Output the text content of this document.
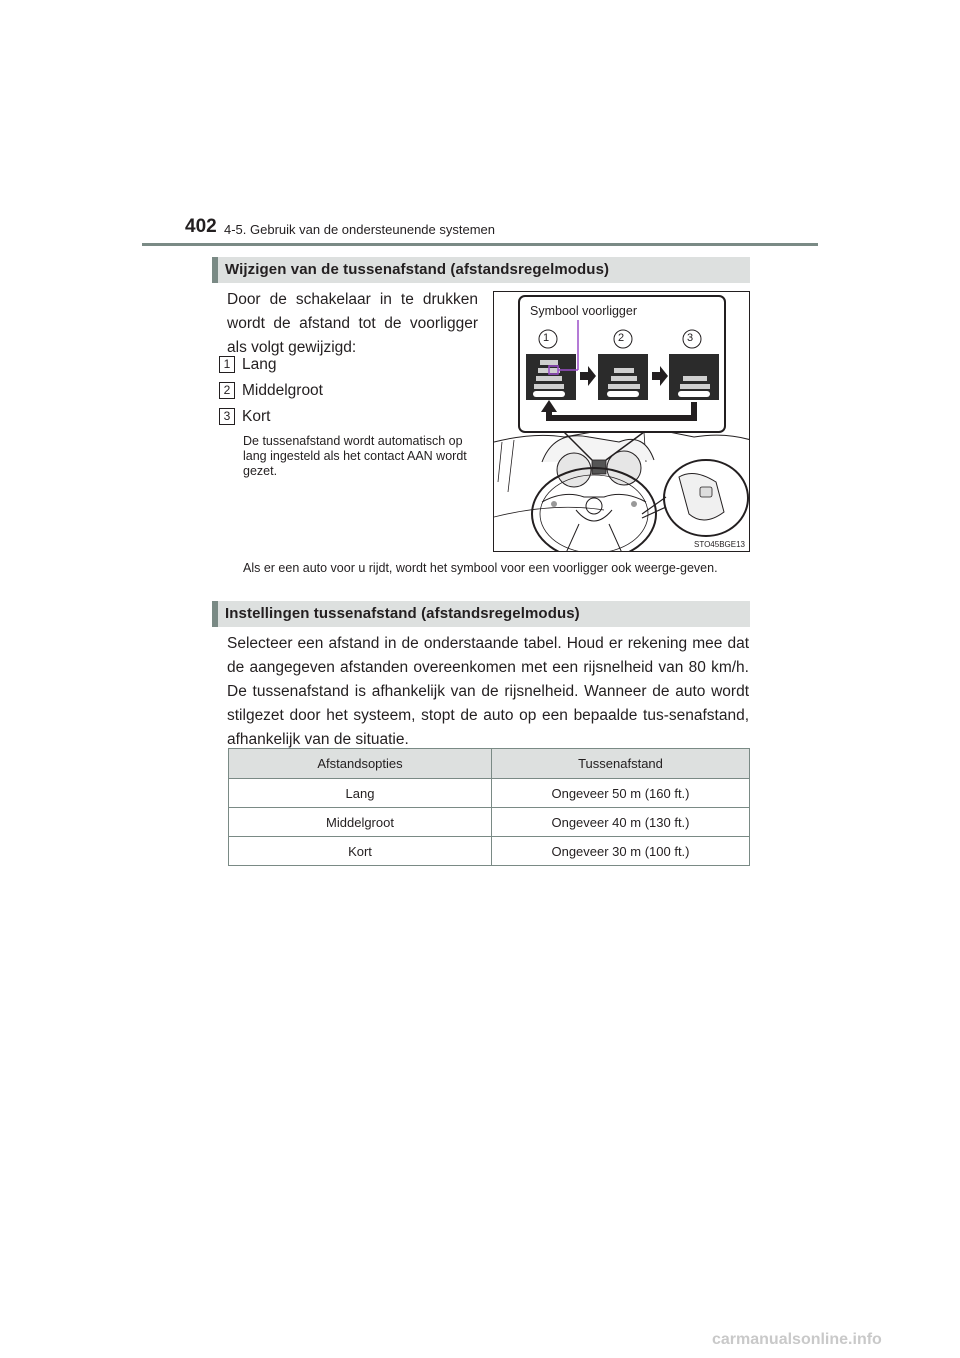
402 4-5. Gebruik van de ondersteunende systemen
Wijzigen van de tussenafstand (afstandsregelmodus)
Door de schakelaar in te drukken wordt de afstand tot de voorligger als volgt gewijzigd:
1 Lang
2 Middelgroot
3 Kort
De tussenafstand wordt automatisch op lang ingesteld als het contact AAN wordt gezet.
Symbool voorligger
1	2	3
STO45BGE13
Als er een auto voor u rijdt, wordt het symbool voor een voorligger ook weerge-geven.
Instellingen tussenafstand (afstandsregelmodus)
Selecteer een afstand in de onderstaande tabel. Houd er rekening mee dat de aangegeven afstanden overeenkomen met een rijsnelheid van 80 km/h. De tussenafstand is afhankelijk van de rijsnelheid. Wanneer de auto wordt stilgezet door het systeem, stopt de auto op een bepaalde tus-senafstand, afhankelijk van de situatie.
Afstandsopties	Tussenafstand
Lang	Ongeveer 50 m (160 ft.)
Middelgroot	Ongeveer 40 m (130 ft.)
Kort	Ongeveer 30 m (100 ft.)
carmanualsonline.info
